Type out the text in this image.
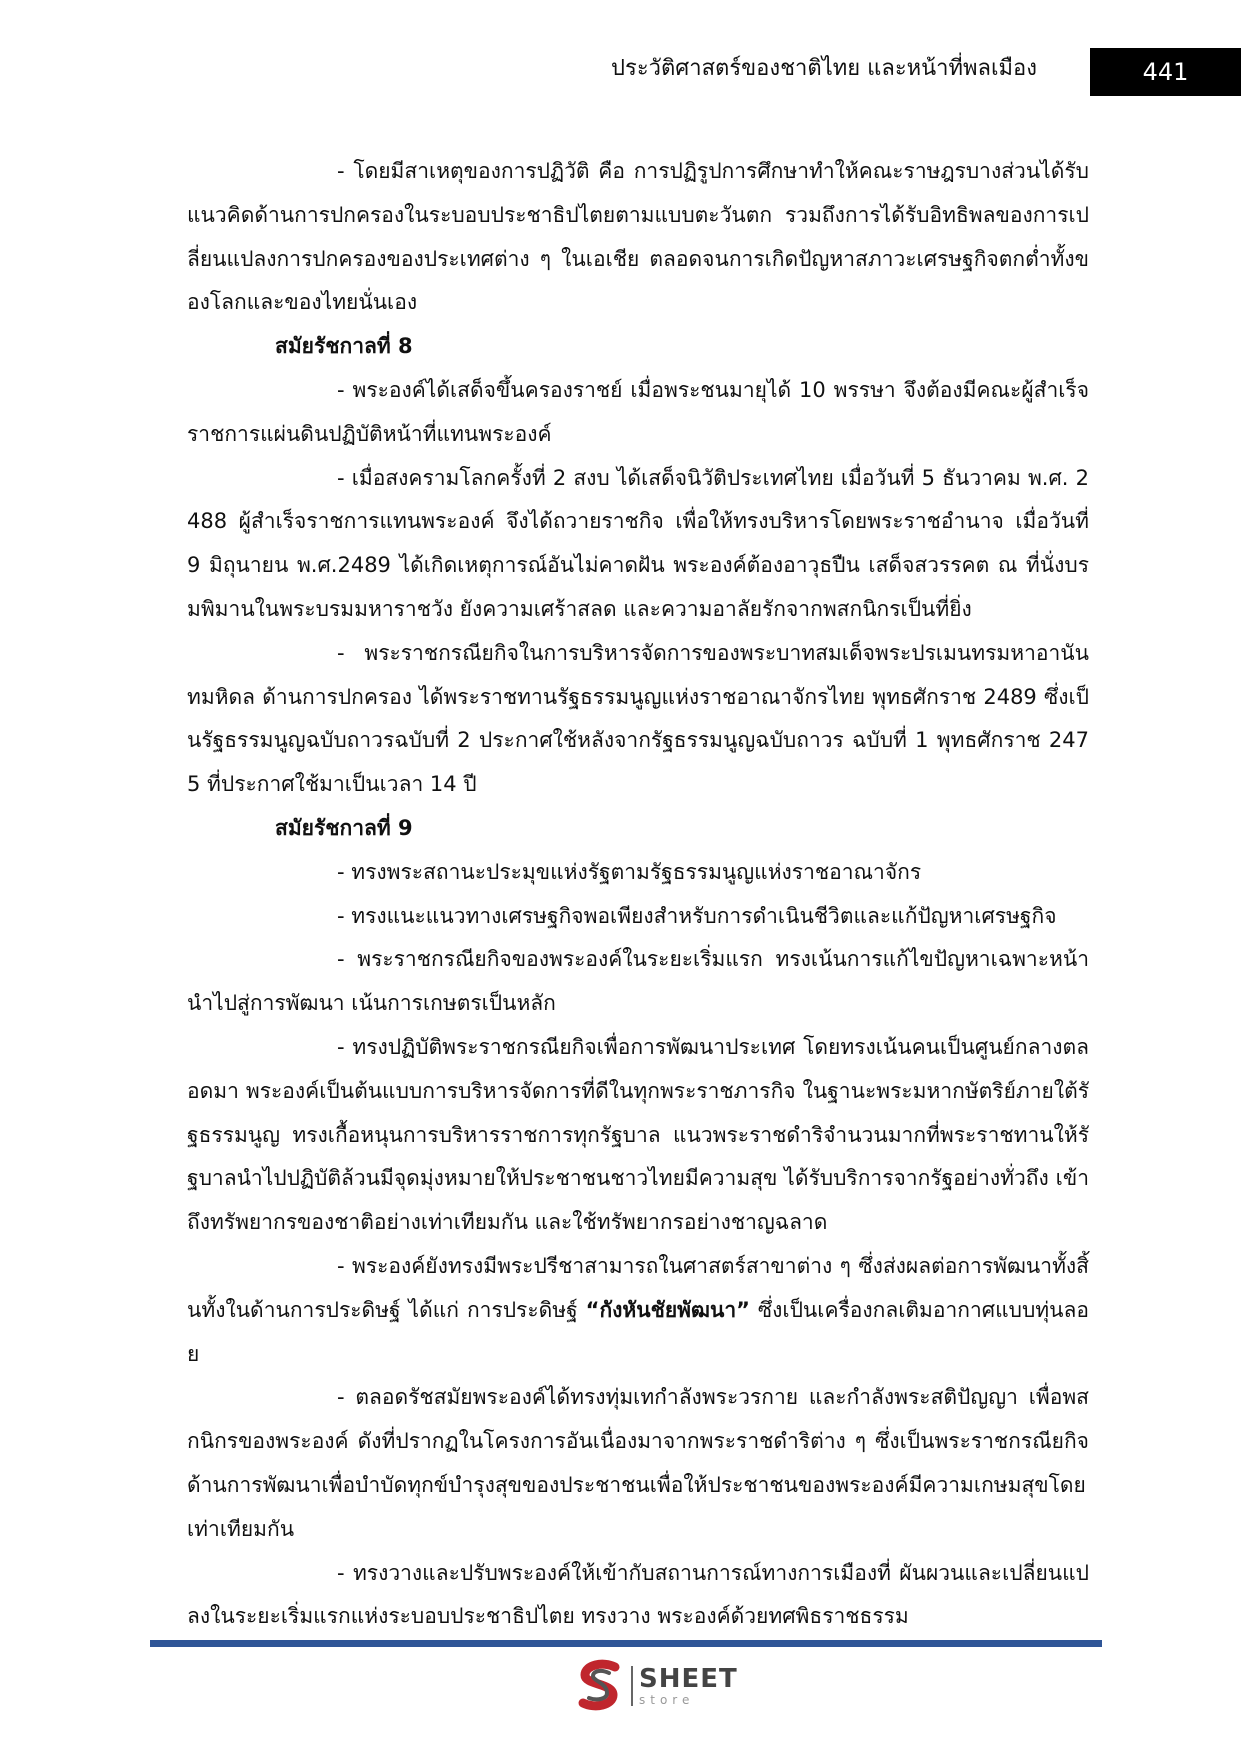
ประวัติศาสตร์ของชาติไทย และหน้าที่พลเมือง	441

- โดยมีสาเหตุของการปฏิวัติ คือ การปฏิรูปการศึกษาทำให้คณะราษฎรบางส่วนได้รับแนวคิดด้านการปกครองในระบอบประชาธิปไตยตามแบบตะวันตก รวมถึงการได้รับอิทธิพลของการเปลี่ยนแปลงการปกครองของประเทศต่าง ๆ ในเอเชีย ตลอดจนการเกิดปัญหาสภาวะเศรษฐกิจตกต่ำทั้งของโลกและของไทยนั่นเอง

สมัยรัชกาลที่ 8

- พระองค์ได้เสด็จขึ้นครองราชย์ เมื่อพระชนมายุได้ 10 พรรษา จึงต้องมีคณะผู้สำเร็จราชการแผ่นดินปฏิบัติหน้าที่แทนพระองค์

- เมื่อสงครามโลกครั้งที่ 2 สงบ ได้เสด็จนิวัติประเทศไทย เมื่อวันที่ 5 ธันวาคม พ.ศ. 2488 ผู้สำเร็จราชการแทนพระองค์ จึงได้ถวายราชกิจ เพื่อให้ทรงบริหารโดยพระราชอำนาจ เมื่อวันที่ 9 มิถุนายน พ.ศ.2489 ได้เกิดเหตุการณ์อันไม่คาดฝัน พระองค์ต้องอาวุธปืน เสด็จสวรรคต ณ ที่นั่งบรมพิมานในพระบรมมหาราชวัง ยังความเศร้าสลด และความอาลัยรักจากพสกนิกรเป็นที่ยิ่ง

- พระราชกรณียกิจในการบริหารจัดการของพระบาทสมเด็จพระปรเมนทรมหาอานันทมหิดล ด้านการปกครอง ได้พระราชทานรัฐธรรมนูญแห่งราชอาณาจักรไทย พุทธศักราช 2489 ซึ่งเป็นรัฐธรรมนูญฉบับถาวรฉบับที่ 2 ประกาศใช้หลังจากรัฐธรรมนูญฉบับถาวร ฉบับที่ 1 พุทธศักราช 2475 ที่ประกาศใช้มาเป็นเวลา 14 ปี

สมัยรัชกาลที่ 9

- ทรงพระสถานะประมุขแห่งรัฐตามรัฐธรรมนูญแห่งราชอาณาจักร

- ทรงแนะแนวทางเศรษฐกิจพอเพียงสำหรับการดำเนินชีวิตและแก้ปัญหาเศรษฐกิจ

- พระราชกรณียกิจของพระองค์ในระยะเริ่มแรก ทรงเน้นการแก้ไขปัญหาเฉพาะหน้านำไปสู่การพัฒนา เน้นการเกษตรเป็นหลัก

- ทรงปฏิบัติพระราชกรณียกิจเพื่อการพัฒนาประเทศ โดยทรงเน้นคนเป็นศูนย์กลางตลอดมา พระองค์เป็นต้นแบบการบริหารจัดการที่ดีในทุกพระราชภารกิจ ในฐานะพระมหากษัตริย์ภายใต้รัฐธรรมนูญ ทรงเกื้อหนุนการบริหารราชการทุกรัฐบาล แนวพระราชดำริจำนวนมากที่พระราชทานให้รัฐบาลนำไปปฏิบัติล้วนมีจุดมุ่งหมายให้ประชาชนชาวไทยมีความสุข ได้รับบริการจากรัฐอย่างทั่วถึง เข้าถึงทรัพยากรของชาติอย่างเท่าเทียมกัน และใช้ทรัพยากรอย่างชาญฉลาด

- พระองค์ยังทรงมีพระปรีชาสามารถในศาสตร์สาขาต่าง ๆ ซึ่งส่งผลต่อการพัฒนาทั้งสิ้นทั้งในด้านการประดิษฐ์ ได้แก่ การประดิษฐ์ “กังหันชัยพัฒนา” ซึ่งเป็นเครื่องกลเติมอากาศแบบทุ่นลอย

- ตลอดรัชสมัยพระองค์ได้ทรงทุ่มเทกำลังพระวรกาย และกำลังพระสติปัญญา เพื่อพสกนิกรของพระองค์ ดังที่ปรากฏในโครงการอันเนื่องมาจากพระราชดำริต่าง ๆ ซึ่งเป็นพระราชกรณียกิจด้านการพัฒนาเพื่อบำบัดทุกข์บำรุงสุขของประชาชนเพื่อให้ประชาชนของพระองค์มีความเกษมสุขโดยเท่าเทียมกัน

- ทรงวางและปรับพระองค์ให้เข้ากับสถานการณ์ทางการเมืองที่ ผันผวนและเปลี่ยนแปลงในระยะเริ่มแรกแห่งระบอบประชาธิปไตย ทรงวาง พระองค์ด้วยทศพิธราชธรรม

SHEET
store
